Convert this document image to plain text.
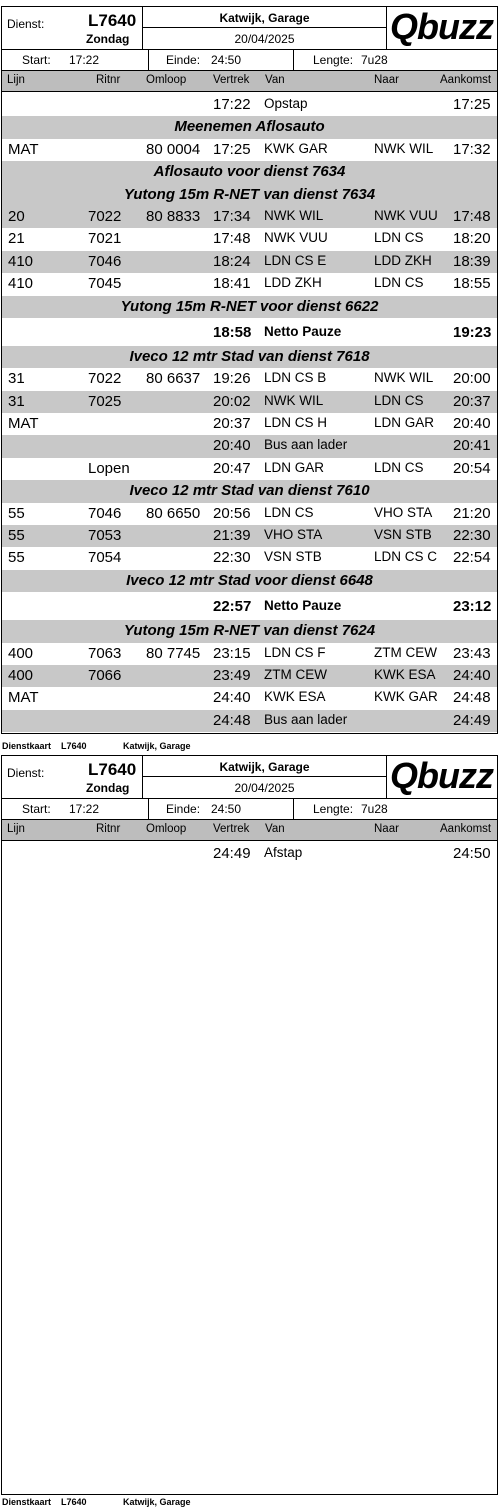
Dienst:	L7640
Zondag
Katwijk, Garage
20/04/2025	Qbuzz
Start: 17:22	Einde: 24:50	Lengte: 7u28
Lijn	Ritnr Omloop Vertrek Van	Naar	Aankomst
17:22 Opstap	17:25
Meenemen Aflosauto
MAT	80 0004 17:25 KWK GAR	NWK WIL 17:32
Aflosauto voor dienst 7634
Yutong 15m R-NET van dienst 7634
20	7022 80 8833 17:34 NWK WIL	NWK VUU 17:48
21	7021	17:48 NWK VUU	LDN CS 18:20
410	7046	18:24 LDN CS E	LDD ZKH 18:39
410	7045	18:41 LDD ZKH	LDN CS 18:55
Yutong 15m R-NET voor dienst 6622
18:58 Netto Pauze	19:23
Iveco 12 mtr Stad van dienst 7618
31	7022 80 6637 19:26 LDN CS B	NWK WIL 20:00
31	7025	20:02 NWK WIL	LDN CS 20:37
MAT	20:37 LDN CS H	LDN GAR 20:40
20:40 Bus aan lader	20:41
Lopen	20:47 LDN GAR	LDN CS 20:54
Iveco 12 mtr Stad van dienst 7610
55	7046 80 6650 20:56 LDN CS	VHO STA 21:20
55	7053	21:39 VHO STA	VSN STB 22:30
55	7054	22:30 VSN STB	LDN CS C 22:54
Iveco 12 mtr Stad voor dienst 6648
22:57 Netto Pauze	23:12
Yutong 15m R-NET van dienst 7624
400	7063 80 7745 23:15 LDN CS F	ZTM CEW 23:43
400	7066	23:49 ZTM CEW	KWK ESA 24:40
MAT	24:40 KWK ESA	KWK GAR 24:48
24:48 Bus aan lader	24:49
Dienstkaart L7640	Katwijk, Garage
Dienst:	L7640
Zondag
Katwijk, Garage
20/04/2025	Qbuzz
Start: 17:22	Einde: 24:50	Lengte: 7u28
Lijn	Ritnr Omloop Vertrek Van	Naar	Aankomst
24:49 Afstap	24:50
Dienstkaart L7640	Katwijk, Garage
